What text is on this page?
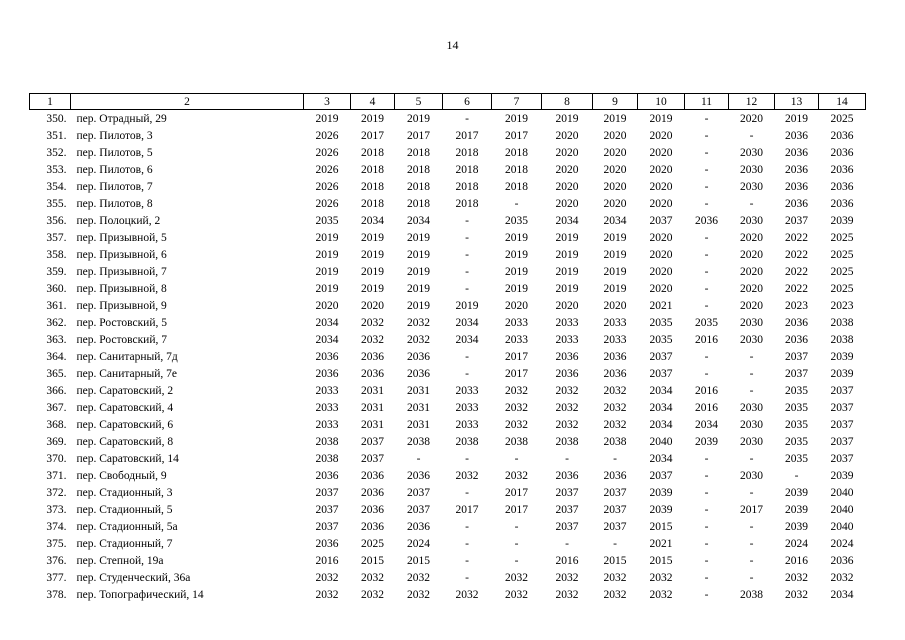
14
1	2	3	4	5	6	7	8	9	10	11	12	13	14
350.	пер. Отрадный, 29	2019	2019	2019	-	2019	2019	2019	2019	-	2020	2019	2025
351.	пер. Пилотов, 3	2026	2017	2017	2017	2017	2020	2020	2020	-	-	2036	2036
352.	пер. Пилотов, 5	2026	2018	2018	2018	2018	2020	2020	2020	-	2030	2036	2036
353.	пер. Пилотов, 6	2026	2018	2018	2018	2018	2020	2020	2020	-	2030	2036	2036
354.	пер. Пилотов, 7	2026	2018	2018	2018	2018	2020	2020	2020	-	2030	2036	2036
355.	пер. Пилотов, 8	2026	2018	2018	2018	-	2020	2020	2020	-	-	2036	2036
356.	пер. Полоцкий, 2	2035	2034	2034	-	2035	2034	2034	2037	2036	2030	2037	2039
357.	пер. Призывной, 5	2019	2019	2019	-	2019	2019	2019	2020	-	2020	2022	2025
358.	пер. Призывной, 6	2019	2019	2019	-	2019	2019	2019	2020	-	2020	2022	2025
359.	пер. Призывной, 7	2019	2019	2019	-	2019	2019	2019	2020	-	2020	2022	2025
360.	пер. Призывной, 8	2019	2019	2019	-	2019	2019	2019	2020	-	2020	2022	2025
361.	пер. Призывной, 9	2020	2020	2019	2019	2020	2020	2020	2021	-	2020	2023	2023
362.	пер. Ростовский, 5	2034	2032	2032	2034	2033	2033	2033	2035	2035	2030	2036	2038
363.	пер. Ростовский, 7	2034	2032	2032	2034	2033	2033	2033	2035	2016	2030	2036	2038
364.	пер. Санитарный, 7д	2036	2036	2036	-	2017	2036	2036	2037	-	-	2037	2039
365.	пер. Санитарный, 7е	2036	2036	2036	-	2017	2036	2036	2037	-	-	2037	2039
366.	пер. Саратовский, 2	2033	2031	2031	2033	2032	2032	2032	2034	2016	-	2035	2037
367.	пер. Саратовский, 4	2033	2031	2031	2033	2032	2032	2032	2034	2016	2030	2035	2037
368.	пер. Саратовский, 6	2033	2031	2031	2033	2032	2032	2032	2034	2034	2030	2035	2037
369.	пер. Саратовский, 8	2038	2037	2038	2038	2038	2038	2038	2040	2039	2030	2035	2037
370.	пер. Саратовский, 14	2038	2037	-	-	-	-	-	2034	-	-	2035	2037
371.	пер. Свободный, 9	2036	2036	2036	2032	2032	2036	2036	2037	-	2030	-	2039
372.	пер. Стадионный, 3	2037	2036	2037	-	2017	2037	2037	2039	-	-	2039	2040
373.	пер. Стадионный, 5	2037	2036	2037	2017	2017	2037	2037	2039	-	2017	2039	2040
374.	пер. Стадионный, 5а	2037	2036	2036	-	-	2037	2037	2015	-	-	2039	2040
375.	пер. Стадионный, 7	2036	2025	2024	-	-	-	-	2021	-	-	2024	2024
376.	пер. Степной, 19а	2016	2015	2015	-	-	2016	2015	2015	-	-	2016	2036
377.	пер. Студенческий, 36а	2032	2032	2032	-	2032	2032	2032	2032	-	-	2032	2032
378.	пер. Топографический, 14	2032	2032	2032	2032	2032	2032	2032	2032	-	2038	2032	2034
